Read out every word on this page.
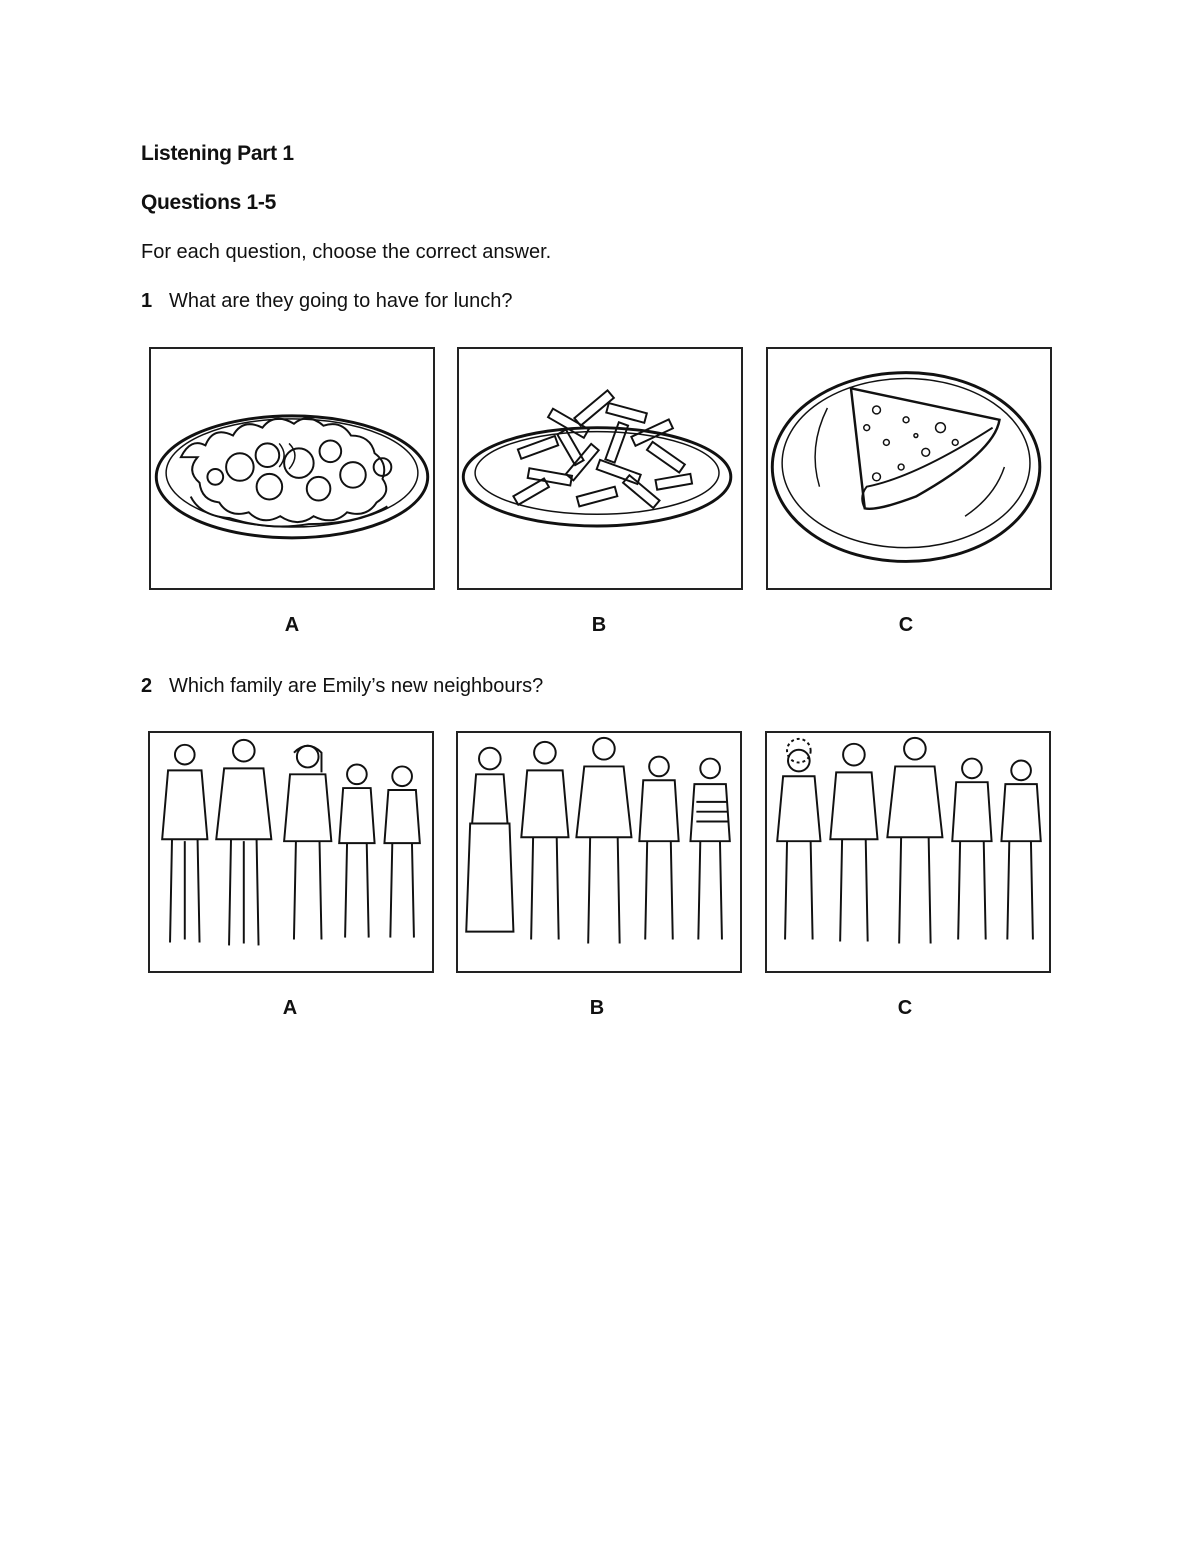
Listening Part 1
Questions 1-5
For each question, choose the correct answer.
1 What are they going to have for lunch?
A	B	C
2 Which family are Emily’s new neighbours?
A	B	C
